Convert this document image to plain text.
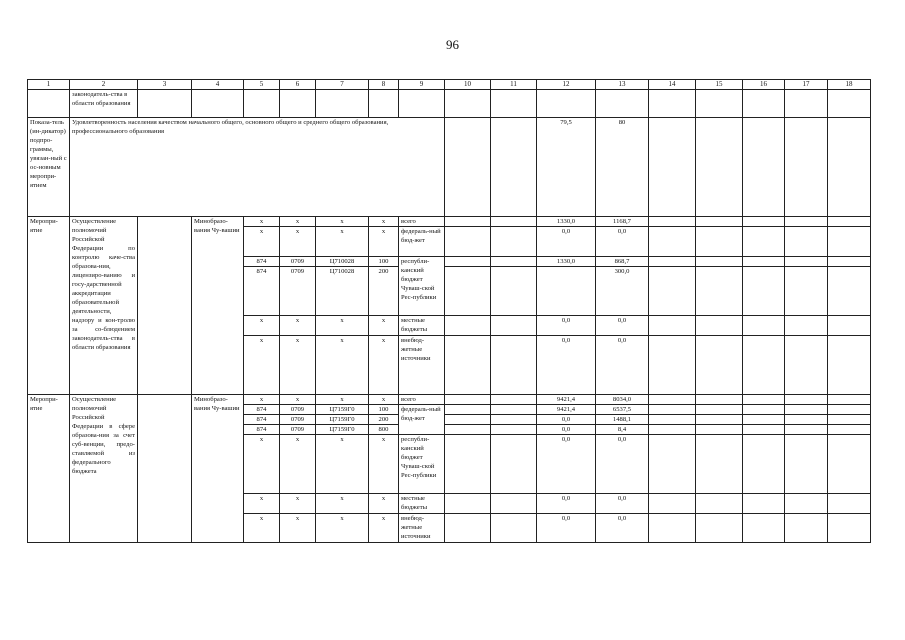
96
1	2	3	4	5	6	7	8	9	10	11	12	13	14	15	16	17	18
	законодатель-ства в области образования																
Показа-тель (ин-дикатор) подпро-граммы, увязан-ный с ос-новным меропри-ятием	Удовлетворенность населения качеством начального общего, основного общего и среднего общего образования, профессионального образования										79,5	80					
Меропри-ятие	Осуществление полномочий Российской Федерации по контролю каче-ства образова-ния, лицензиро-ванию и госу-дарственной аккредитации образовательной деятельности, надзору и кон-тролю за со-блюдением законодатель-ства в области образования		Минобразо-вания Чу-вашии	x	x	x	x	всего			1330,0	1168,7					
				x	x	x	x	федераль-ный бюд-жет			0,0	0,0					
				874	0709	Ц710028	100	республи-канский бюджет Чуваш-ской Рес-публики			1330,0	868,7					
				874	0709	Ц710028	200					300,0					
				x	x	x	x	местные бюджеты			0,0	0,0					
				x	x	x	x	внебюд-жетные источники			0,0	0,0					
Меропри-ятие	Осуществление полномочий Российской Федерации в сфере образова-ния за счет суб-венции, предо-ставляемой из федерального бюджета		Минобразо-вания Чу-вашии	x	x	x	x	всего			9421,4	8034,0					
				874	0709	Ц7159Г0	100	федераль-ный бюд-жет			9421,4	6537,5					
				874	0709	Ц7159Г0	200				0,0	1488,1					
				874	0709	Ц7159Г0	800				0,0	8,4					
				x	x	x	x	республи-канский бюджет Чуваш-ской Рес-публики			0,0	0,0					
				x	x	x	x	местные бюджеты			0,0	0,0					
				x	x	x	x	внебюд-жетные источники			0,0	0,0					
